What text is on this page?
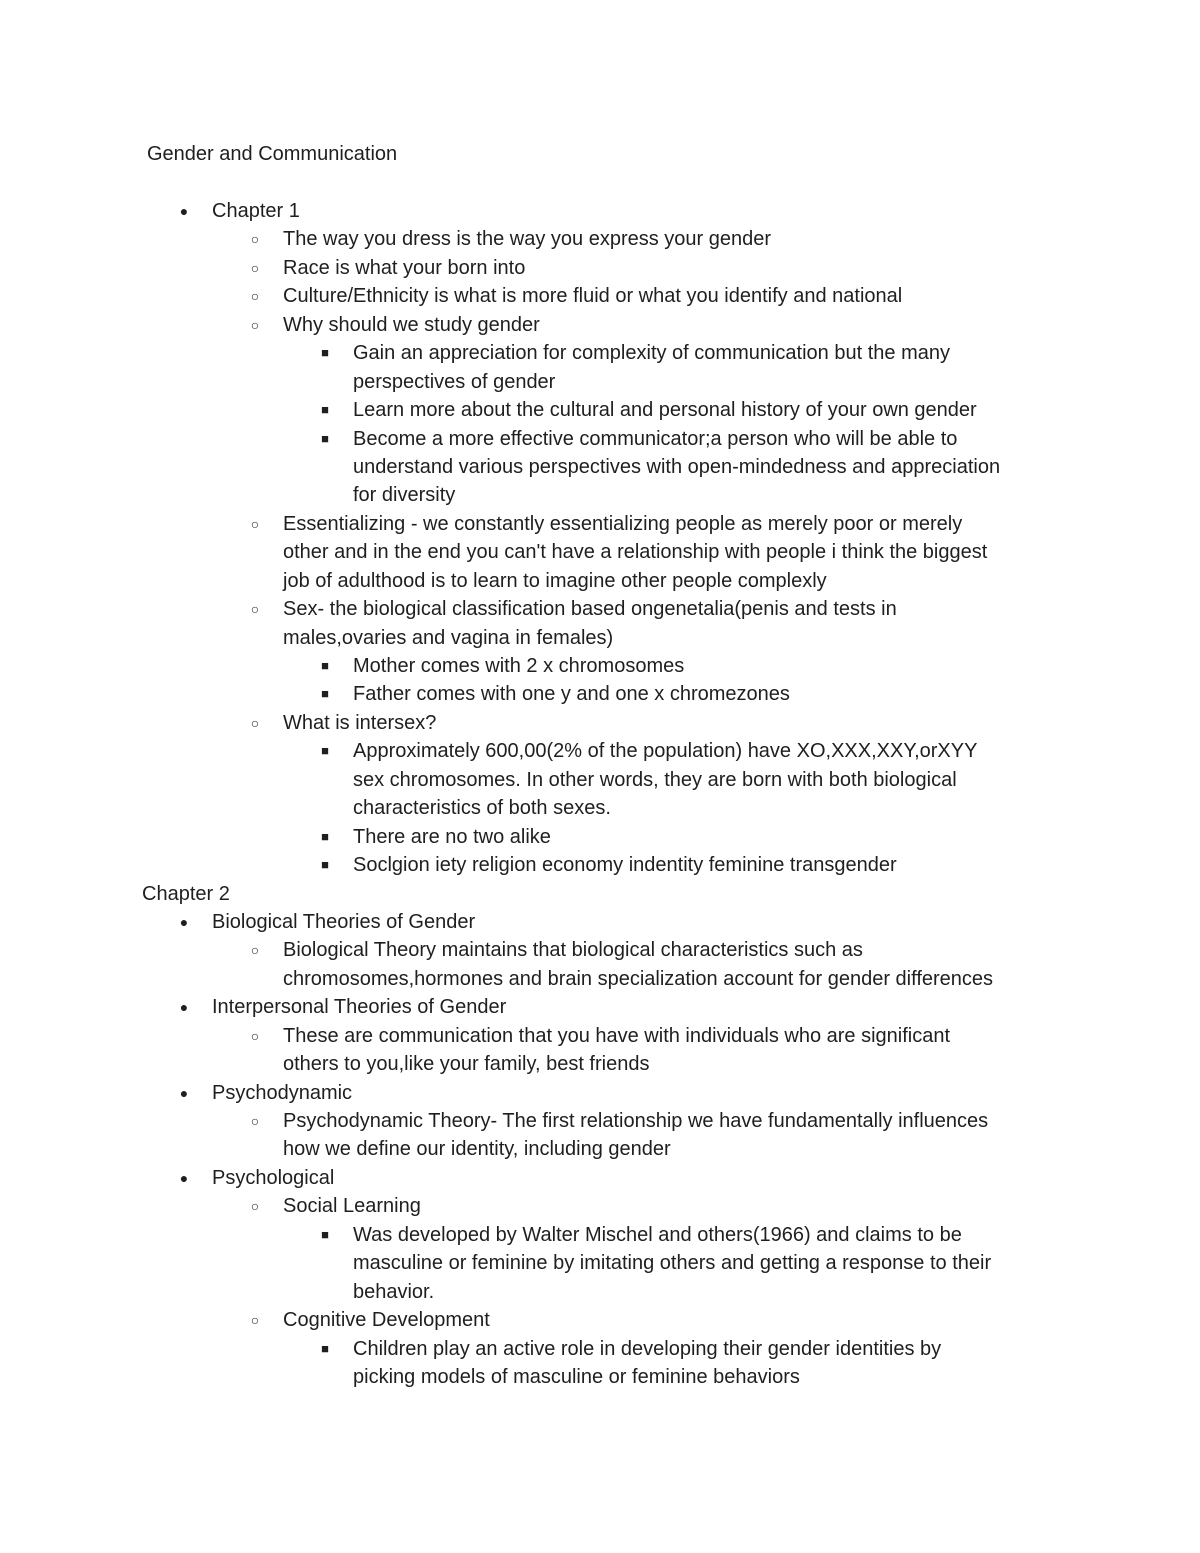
Gender and Communication
● Chapter 1
○ The way you dress is the way you express your gender
○ Race is what your born into
○ Culture/Ethnicity is what is more fluid or what you identify and national
○ Why should we study gender
■ Gain an appreciation for complexity of communication but the many
perspectives of gender
■ Learn more about the cultural and personal history of your own gender
■ Become a more effective communicator;a person who will be able to
understand various perspectives with open-mindedness and appreciation
for diversity
○ Essentializing - we constantly essentializing people as merely poor or merely
other and in the end you can't have a relationship with people i think the biggest
job of adulthood is to learn to imagine other people complexly
○ Sex- the biological classification based ongenetalia(penis and tests in
males,ovaries and vagina in females)
■ Mother comes with 2 x chromosomes
■ Father comes with one y and one x chromezones
○ What is intersex?
■ Approximately 600,00(2% of the population) have XO,XXX,XXY,orXYY
sex chromosomes. In other words, they are born with both biological
characteristics of both sexes.
■ There are no two alike
■ Soclgion iety religion economy indentity feminine transgender
Chapter 2
● Biological Theories of Gender
○ Biological Theory maintains that biological characteristics such as
chromosomes,hormones and brain specialization account for gender differences
● Interpersonal Theories of Gender
○ These are communication that you have with individuals who are significant
others to you,like your family, best friends
● Psychodynamic
○ Psychodynamic Theory- The first relationship we have fundamentally influences
how we define our identity, including gender
● Psychological
○ Social Learning
■ Was developed by Walter Mischel and others(1966) and claims to be
masculine or feminine by imitating others and getting a response to their
behavior.
○ Cognitive Development
■ Children play an active role in developing their gender identities by
picking models of masculine or feminine behaviors
